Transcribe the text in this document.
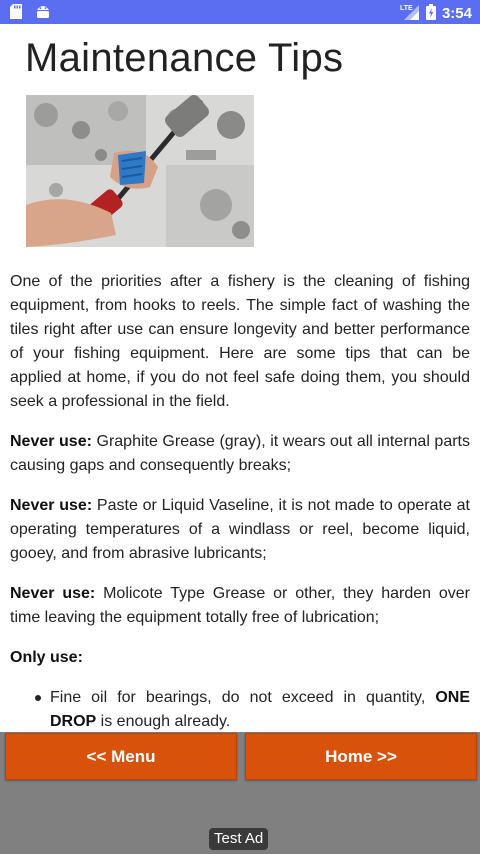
LTE 3:54
Maintenance Tips
One of the priorities after a fishery is the cleaning of fishing equipment, from hooks to reels. The simple fact of washing the tiles right after use can ensure longevity and better performance of your fishing equipment. Here are some tips that can be applied at home, if you do not feel safe doing them, you should seek a professional in the field.
Never use: Graphite Grease (gray), it wears out all internal parts causing gaps and consequently breaks;
Never use: Paste or Liquid Vaseline, it is not made to operate at operating temperatures of a windlass or reel, become liquid, gooey, and from abrasive lubricants;
Never use: Molicote Type Grease or other, they harden over time leaving the equipment totally free of lubrication;
Only use:
Fine oil for bearings, do not exceed in quantity, ONE DROP is enough already.
<< Menu	Home >>
Test Ad
